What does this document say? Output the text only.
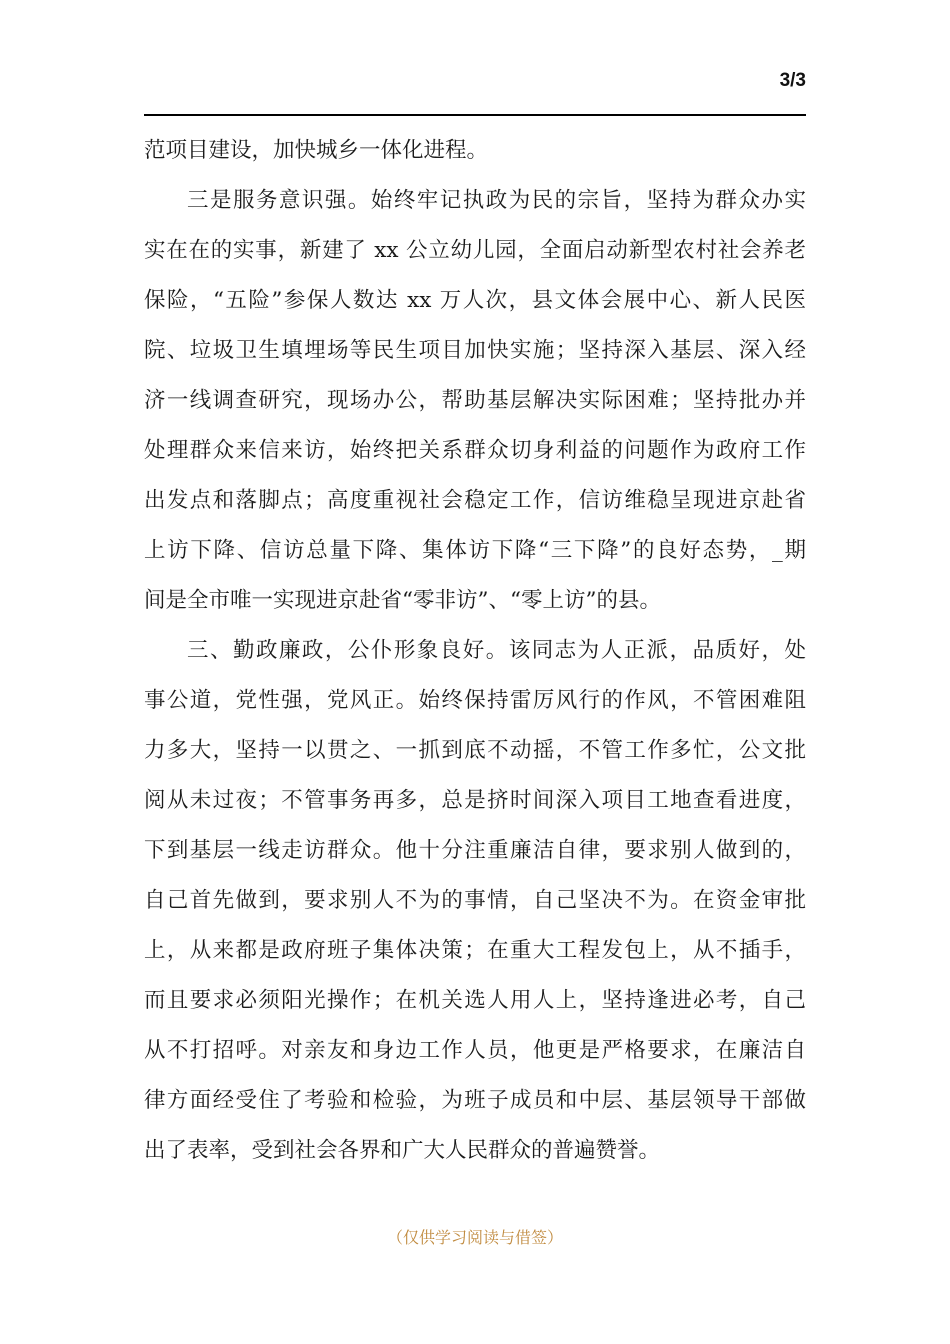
3/3
范项目建设，加快城乡一体化进程。
三是服务意识强。始终牢记执政为民的宗旨，坚持为群众办实
实在在的实事，新建了 xx 公立幼儿园，全面启动新型农村社会养老
保险，“五险”参保人数达 xx 万人次，县文体会展中心、新人民医
院、垃圾卫生填埋场等民生项目加快实施；坚持深入基层、深入经
济一线调查研究，现场办公，帮助基层解决实际困难；坚持批办并
处理群众来信来访，始终把关系群众切身利益的问题作为政府工作
出发点和落脚点；高度重视社会稳定工作，信访维稳呈现进京赴省
上访下降、信访总量下降、集体访下降“三下降”的良好态势，_期
间是全市唯一实现进京赴省“零非访”、“零上访”的县。
三、勤政廉政，公仆形象良好。该同志为人正派，品质好，处
事公道，党性强，党风正。始终保持雷厉风行的作风，不管困难阻
力多大，坚持一以贯之、一抓到底不动摇，不管工作多忙，公文批
阅从未过夜；不管事务再多，总是挤时间深入项目工地查看进度，
下到基层一线走访群众。他十分注重廉洁自律，要求别人做到的，
自己首先做到，要求别人不为的事情，自己坚决不为。在资金审批
上，从来都是政府班子集体决策；在重大工程发包上，从不插手，
而且要求必须阳光操作；在机关选人用人上，坚持逢进必考，自己
从不打招呼。对亲友和身边工作人员，他更是严格要求，在廉洁自
律方面经受住了考验和检验，为班子成员和中层、基层领导干部做
出了表率，受到社会各界和广大人民群众的普遍赞誉。
（仅供学习阅读与借签）
